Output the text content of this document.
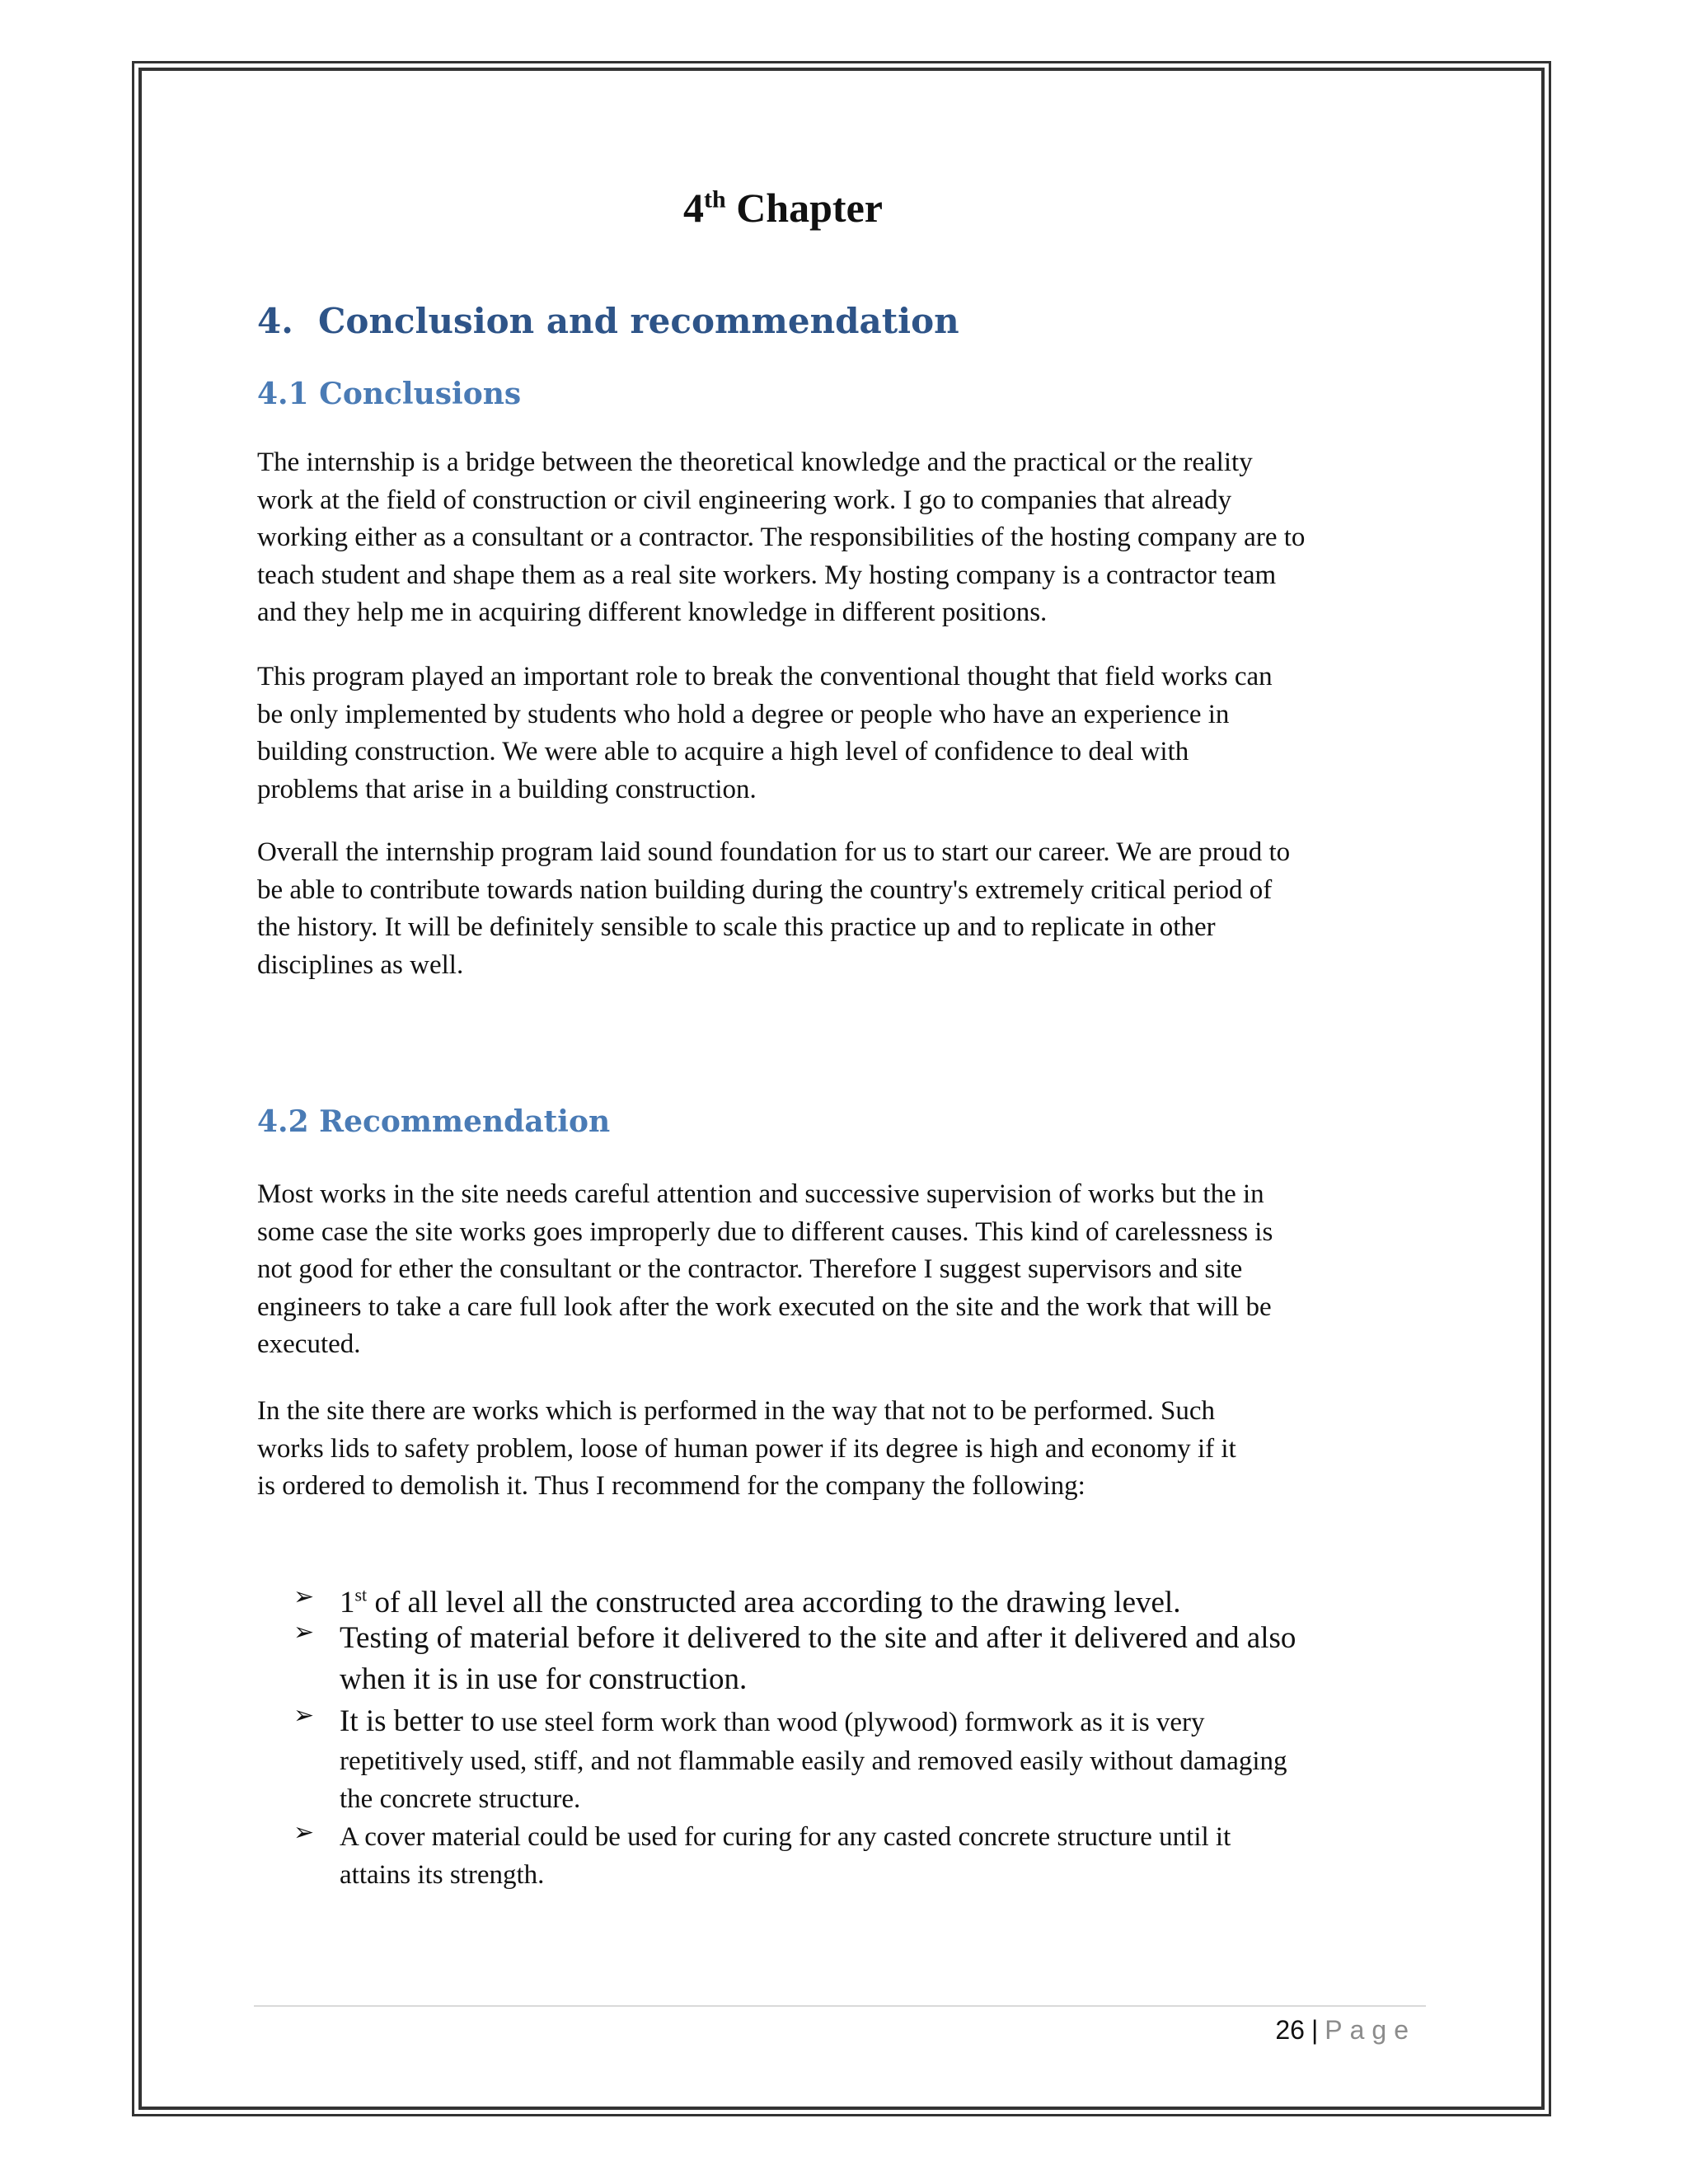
4th Chapter
4. Conclusion and recommendation
4.1 Conclusions

The internship is a bridge between the theoretical knowledge and the practical or the reality
work at the field of construction or civil engineering work. I go to companies that already
working either as a consultant or a contractor. The responsibilities of the hosting company are to
teach student and shape them as a real site workers. My hosting company is a contractor team
and they help me in acquiring different knowledge in different positions.

This program played an important role to break the conventional thought that field works can
be only implemented by students who hold a degree or people who have an experience in
building construction. We were able to acquire a high level of confidence to deal with
problems that arise in a building construction.

Overall the internship program laid sound foundation for us to start our career. We are proud to
be able to contribute towards nation building during the country's extremely critical period of
the history. It will be definitely sensible to scale this practice up and to replicate in other
disciplines as well.

4.2 Recommendation

Most works in the site needs careful attention and successive supervision of works but the in
some case the site works goes improperly due to different causes. This kind of carelessness is
not good for ether the consultant or the contractor. Therefore I suggest supervisors and site
engineers to take a care full look after the work executed on the site and the work that will be
executed.

In the site there are works which is performed in the way that not to be performed. Such
works lids to safety problem, loose of human power if its degree is high and economy if it
is ordered to demolish it. Thus I recommend for the company the following:

➢ 1st of all level all the constructed area according to the drawing level.
➢ Testing of material before it delivered to the site and after it delivered and also
when it is in use for construction.
➢ It is better to use steel form work than wood (plywood) formwork as it is very
repetitively used, stiff, and not flammable easily and removed easily without damaging
the concrete structure.
➢ A cover material could be used for curing for any casted concrete structure until it
attains its strength.
26 | Page
